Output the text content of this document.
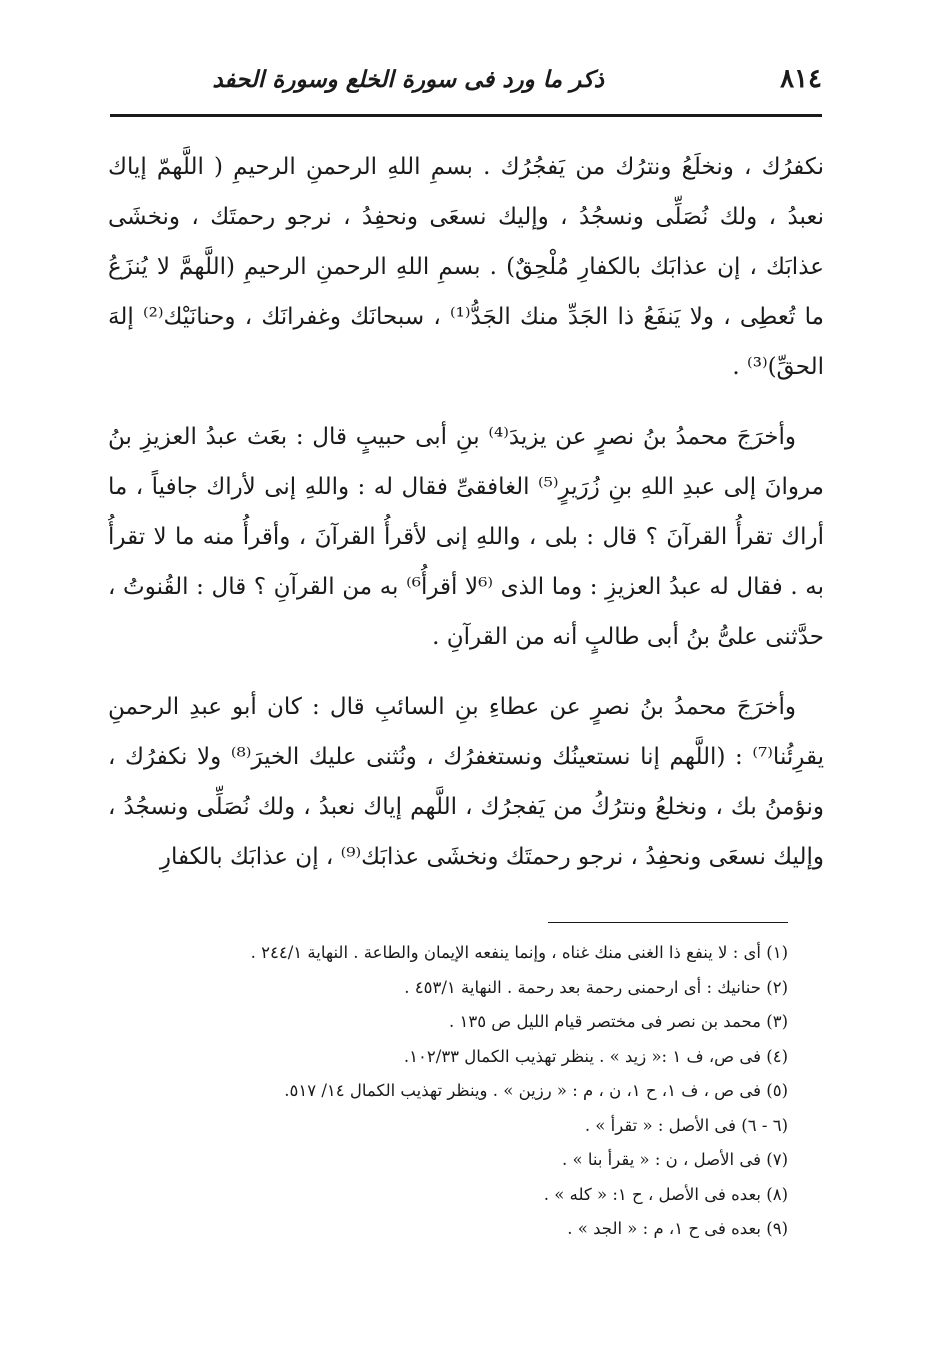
٨١٤
ذكر ما ورد فى سورة الخلع وسورة الحفد

نكفرُك ، ونخلَعُ ونترُك من يَفجُرُك . بسمِ اللهِ الرحمنِ الرحيمِ ( اللَّهمّ إياك نعبدُ ، ولك نُصَلِّى ونسجُدُ ، وإليك نسعَى ونحفِدُ ، نرجو رحمتَك ، ونخشَى عذابَك ، إن عذابَك بالكفارِ مُلْحِقٌ) . بسمِ اللهِ الرحمنِ الرحيمِ (اللَّهمَّ لا يُنزَعُ ما تُعطِى ، ولا يَنفَعُ ذا الجَدِّ منك الجَدُّ⁽¹⁾ ، سبحانَك وغفرانَك ، وحنانَيْك⁽²⁾ إلهَ الحقِّ)⁽³⁾ .

وأخرَجَ محمدُ بنُ نصرٍ عن يزيدَ⁽⁴⁾ بنِ أبى حبيبٍ قال : بعَث عبدُ العزيزِ بنُ مروانَ إلى عبدِ اللهِ بنِ زُرَيرٍ⁽⁵⁾ الغافقىِّ فقال له : واللهِ إنى لأراك جافياً ، ما أراك تقرأُ القرآنَ ؟ قال : بلى ، واللهِ إنى لأقرأُ القرآنَ ، وأقرأُ منه ما لا تقرأُ به . فقال له عبدُ العزيزِ : وما الذى ⁽⁶لا أقرأُ⁶⁾ به من القرآنِ ؟ قال : القُنوتُ ، حدَّثنى علىُّ بنُ أبى طالبٍ أنه من القرآنِ .

وأخرَجَ محمدُ بنُ نصرٍ عن عطاءِ بنِ السائبِ قال : كان أبو عبدِ الرحمنِ يقرِئُنا⁽⁷⁾ : (اللَّهم إنا نستعينُك ونستغفرُك ، ونُثنى عليك الخيرَ⁽⁸⁾ ولا نكفرُك ، ونؤمنُ بك ، ونخلعُ ونترُكُ من يَفجرُك ، اللَّهم إياك نعبدُ ، ولك نُصَلِّى ونسجُدُ ، وإليك نسعَى ونحفِدُ ، نرجو رحمتَك ونخشَى عذابَك⁽⁹⁾ ، إن عذابَك بالكفارِ

(١) أى : لا ينفع ذا الغنى منك غناه ، وإنما ينفعه الإيمان والطاعة . النهاية ٢٤٤/١ .
(٢) حنانيك : أى ارحمنى رحمة بعد رحمة . النهاية ٤٥٣/١ .
(٣) محمد بن نصر فى مختصر قيام الليل ص ١٣٥ .
(٤) فى ص، ف ١ :« زيد » . ينظر تهذيب الكمال ١٠٢/٣٣.
(٥) فى ص ، ف ١، ح ١، ن ، م : « رزين » . وينظر تهذيب الكمال ١٤/ ٥١٧.
(٦ - ٦) فى الأصل : « تقرأ » .
(٧) فى الأصل ، ن : « يقرأ بنا » .
(٨) بعده فى الأصل ، ح ١: « كله » .
(٩) بعده فى ح ١، م : « الجد » .
